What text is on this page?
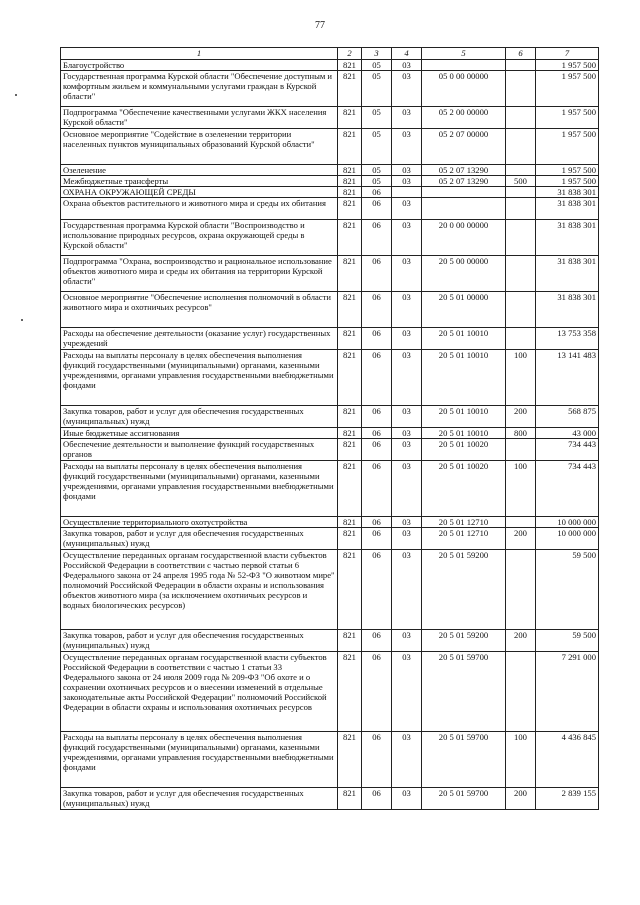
77
1	2	3	4	5	6	7
Благоустройство	821	05	03			1 957 500
Государственная программа Курской области "Обеспечение доступным и комфортным жильем и коммунальными услугами граждан в Курской области"	821	05	03	05 0 00 00000		1 957 500
Подпрограмма "Обеспечение качественными услугами ЖКХ населения Курской области"	821	05	03	05 2 00 00000		1 957 500
Основное мероприятие "Содействие в озеленении территории населенных пунктов муниципальных образований Курской области"	821	05	03	05 2 07 00000		1 957 500
Озеленение	821	05	03	05 2 07 13290		1 957 500
Межбюджетные трансферты	821	05	03	05 2 07 13290	500	1 957 500
ОХРАНА ОКРУЖАЮЩЕЙ СРЕДЫ	821	06				31 838 301
Охрана объектов растительного и животного мира и среды их обитания	821	06	03			31 838 301
Государственная программа Курской области "Воспроизводство и использование природных ресурсов, охрана окружающей среды в Курской области"	821	06	03	20 0 00 00000		31 838 301
Подпрограмма "Охрана, воспроизводство и рациональное использование объектов животного мира и среды их обитания на территории Курской области"	821	06	03	20 5 00 00000		31 838 301
Основное мероприятие "Обеспечение исполнения полномочий в области животного мира и охотничьих ресурсов"	821	06	03	20 5 01 00000		31 838 301
Расходы на обеспечение деятельности (оказание услуг) государственных учреждений	821	06	03	20 5 01 10010		13 753 358
Расходы на выплаты персоналу в целях обеспечения выполнения функций государственными (муниципальными) органами, казенными учреждениями, органами управления государственными внебюджетными фондами	821	06	03	20 5 01 10010	100	13 141 483
Закупка товаров, работ и услуг для обеспечения государственных (муниципальных) нужд	821	06	03	20 5 01 10010	200	568 875
Иные бюджетные ассигнования	821	06	03	20 5 01 10010	800	43 000
Обеспечение деятельности и выполнение функций государственных органов	821	06	03	20 5 01 10020		734 443
Расходы на выплаты персоналу в целях обеспечения выполнения функций государственными (муниципальными) органами, казенными учреждениями, органами управления государственными внебюджетными фондами	821	06	03	20 5 01 10020	100	734 443
Осуществление территориального охотустройства	821	06	03	20 5 01 12710		10 000 000
Закупка товаров, работ и услуг для обеспечения государственных (муниципальных) нужд	821	06	03	20 5 01 12710	200	10 000 000
Осуществление переданных органам государственной власти субъектов Российской Федерации в соответствии с частью первой статьи 6 Федерального закона от 24 апреля 1995 года № 52-ФЗ "О животном мире" полномочий Российской Федерации в области охраны и использования объектов животного мира (за исключением охотничьих ресурсов и водных биологических ресурсов)	821	06	03	20 5 01 59200		59 500
Закупка товаров, работ и услуг для обеспечения государственных (муниципальных) нужд	821	06	03	20 5 01 59200	200	59 500
Осуществление переданных органам государственной власти субъектов Российской Федерации в соответствии с частью 1 статьи 33 Федерального закона от 24 июля 2009 года № 209-ФЗ "Об охоте и о сохранении охотничьих ресурсов и о внесении изменений в отдельные законодательные акты Российской Федерации" полномочий Российской Федерации в области охраны и использования охотничьих ресурсов	821	06	03	20 5 01 59700		7 291 000
Расходы на выплаты персоналу в целях обеспечения выполнения функций государственными (муниципальными) органами, казенными учреждениями, органами управления государственными внебюджетными фондами	821	06	03	20 5 01 59700	100	4 436 845
Закупка товаров, работ и услуг для обеспечения государственных (муниципальных) нужд	821	06	03	20 5 01 59700	200	2 839 155
